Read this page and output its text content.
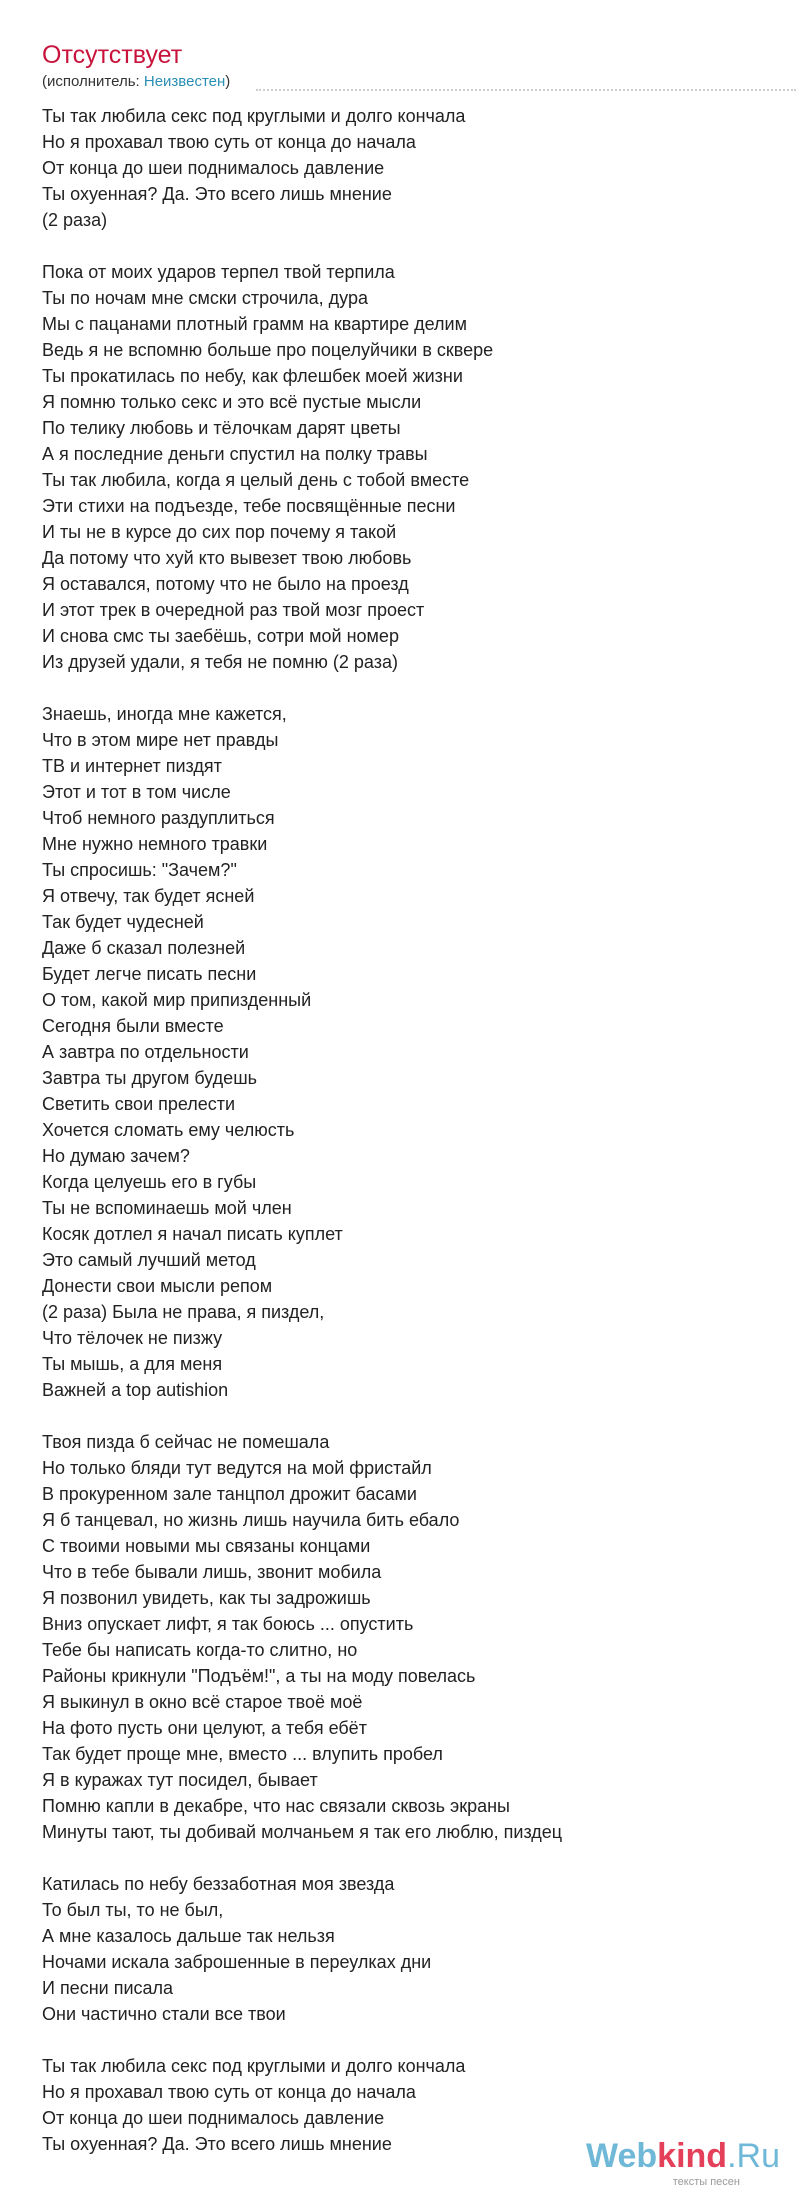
Отсутствует
(исполнитель: Неизвестен)
Ты так любила секс под круглыми и долго кончала
Но я прохавал твою суть от конца до начала
От конца до шеи поднималось давление
Ты охуенная? Да. Это всего лишь мнение
(2 раза)
Пока от моих ударов терпел твой терпила
Ты по ночам мне смски строчила, дура
Мы с пацанами плотный грамм на квартире делим
Ведь я не вспомню больше про поцелуйчики в сквере
Ты прокатилась по небу, как флешбек моей жизни
Я помню только секс и это всё пустые мысли
По телику любовь и тёлочкам дарят цветы
А я последние деньги спустил на полку травы
Ты так любила, когда я целый день с тобой вместе
Эти стихи на подъезде, тебе посвящённые песни
И ты не в курсе до сих пор почему я такой
Да потому что хуй кто вывезет твою любовь
Я оставался, потому что не было на проезд
И этот трек в очередной раз твой мозг проест
И снова смс ты заебёшь, сотри мой номер
Из друзей удали, я тебя не помню (2 раза)
Знаешь, иногда мне кажется,
Что в этом мире нет правды
ТВ и интернет пиздят
Этот и тот в том числе
Чтоб немного раздуплиться
Мне нужно немного травки
Ты спросишь: "Зачем?"
Я отвечу, так будет ясней
Так будет чудесней
Даже б сказал полезней
Будет легче писать песни
О том, какой мир припизденный
Сегодня были вместе
А завтра по отдельности
Завтра ты другом будешь
Светить свои прелести
Хочется сломать ему челюсть
Но думаю зачем?
Когда целуешь его в губы
Ты не вспоминаешь мой член
Косяк дотлел я начал писать куплет
Это самый лучший метод
Донести свои мысли репом
(2 раза) Была не права, я пиздел,
Что тёлочек не пизжу
Ты мышь, а для меня
Важней а top autishion
Твоя пизда б сейчас не помешала
Но только бляди тут ведутся на мой фристайл
В прокуренном зале танцпол дрожит басами
Я б танцевал, но жизнь лишь научила бить ебало
С твоими новыми мы связаны концами
Что в тебе бывали лишь, звонит мобила
Я позвонил увидеть, как ты задрожишь
Вниз опускает лифт, я так боюсь ... опустить
Тебе бы написать когда-то слитно, но
Районы крикнули "Подъём!", а ты на моду повелась
Я выкинул в окно всё старое твоё моё
На фото пусть они целуют, а тебя ебёт
Так будет проще мне, вместо ... влупить пробел
Я в куражах тут посидел, бывает
Помню капли в декабре, что нас связали сквозь экраны
Минуты тают, ты добивай молчаньем я так его люблю, пиздец
Катилась по небу беззаботная моя звезда
То был ты, то не был,
А мне казалось дальше так нельзя
Ночами искала заброшенные в переулках дни
И песни писала
Они частично стали все твои
Ты так любила секс под круглыми и долго кончала
Но я прохавал твою суть от конца до начала
От конца до шеи поднималось давление
Ты охуенная? Да. Это всего лишь мнение	Webkind.Ru
тексты песен
